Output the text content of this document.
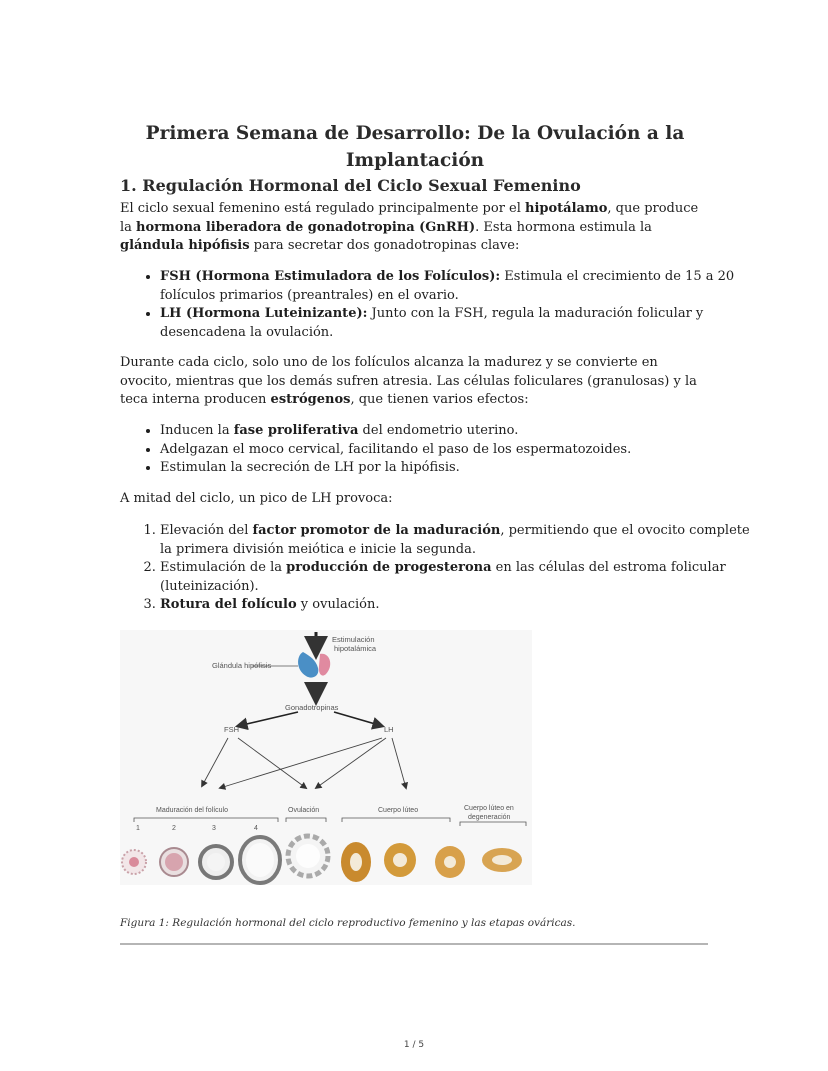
Primera Semana de Desarrollo: De la Ovulación a la Implantación
1. Regulación Hormonal del Ciclo Sexual Femenino

El ciclo sexual femenino está regulado principalmente por el hipotálamo, que produce la hormona liberadora de gonadotropina (GnRH). Esta hormona estimula la glándula hipófisis para secretar dos gonadotropinas clave:

• FSH (Hormona Estimuladora de los Folículos): Estimula el crecimiento de 15 a 20 folículos primarios (preantrales) en el ovario.
• LH (Hormona Luteinizante): Junto con la FSH, regula la maduración folicular y desencadena la ovulación.

Durante cada ciclo, solo uno de los folículos alcanza la madurez y se convierte en ovocito, mientras que los demás sufren atresia. Las células foliculares (granulosas) y la teca interna producen estrógenos, que tienen varios efectos:

• Inducen la fase proliferativa del endometrio uterino.
• Adelgazan el moco cervical, facilitando el paso de los espermatozoides.
• Estimulan la secreción de LH por la hipófisis.

A mitad del ciclo, un pico de LH provoca:

1. Elevación del factor promotor de la maduración, permitiendo que el ovocito complete la primera división meiótica e inicie la segunda.
2. Estimulación de la producción de progesterona en las células del estroma folicular (luteinización).
3. Rotura del folículo y ovulación.
Estimulación
hipotalámica
Glándula hipófisis
Gonadotropinas
FSH	LH
Maduración del folículo	Ovulación	Cuerpo lúteo	Cuerpo lúteo en
degeneración
1	2	3	4

Figura 1: Regulación hormonal del ciclo reproductivo femenino y las etapas ováricas.

1 / 5
